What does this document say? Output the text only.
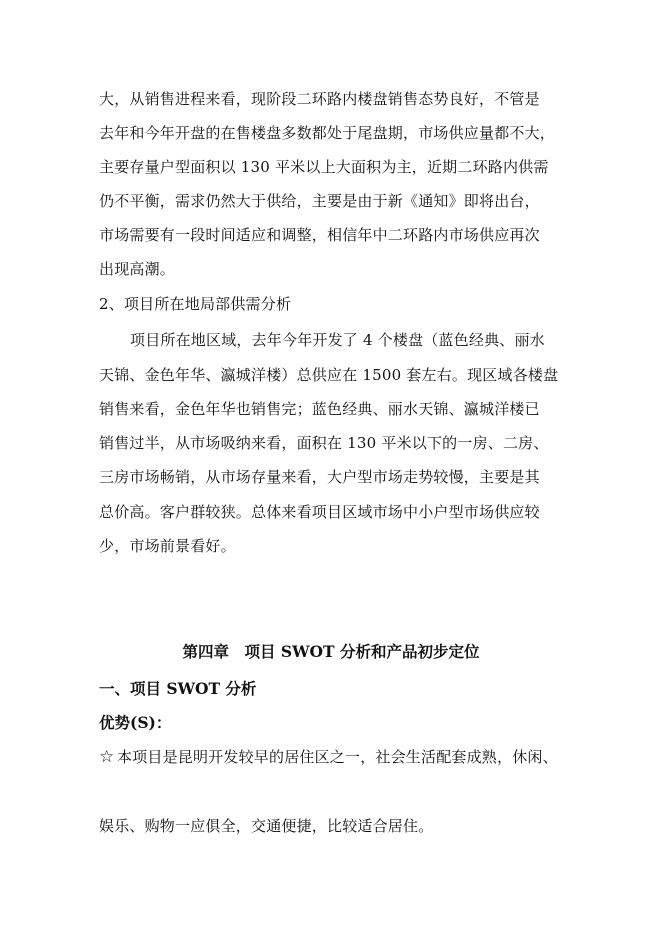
大，从销售进程来看，现阶段二环路内楼盘销售态势良好，不管是
去年和今年开盘的在售楼盘多数都处于尾盘期，市场供应量都不大，
主要存量户型面积以 130 平米以上大面积为主，近期二环路内供需
仍不平衡，需求仍然大于供给，主要是由于新《通知》即将出台，
市场需要有一段时间适应和调整，相信年中二环路内市场供应再次
出现高潮。
2、项目所在地局部供需分析
项目所在地区域，去年今年开发了 4 个楼盘（蓝色经典、丽水
天锦、金色年华、瀛城洋楼）总供应在 1500 套左右。现区域各楼盘
销售来看，金色年华也销售完；蓝色经典、丽水天锦、瀛城洋楼已
销售过半，从市场吸纳来看，面积在 130 平米以下的一房、二房、
三房市场畅销，从市场存量来看，大户型市场走势较慢，主要是其
总价高。客户群较狭。总体来看项目区域市场中小户型市场供应较
少，市场前景看好。
第四章　项目 SWOT 分析和产品初步定位
一、项目 SWOT 分析
优势(S)：
☆ 本项目是昆明开发较早的居住区之一，社会生活配套成熟，休闲、
娱乐、购物一应俱全，交通便捷，比较适合居住。
